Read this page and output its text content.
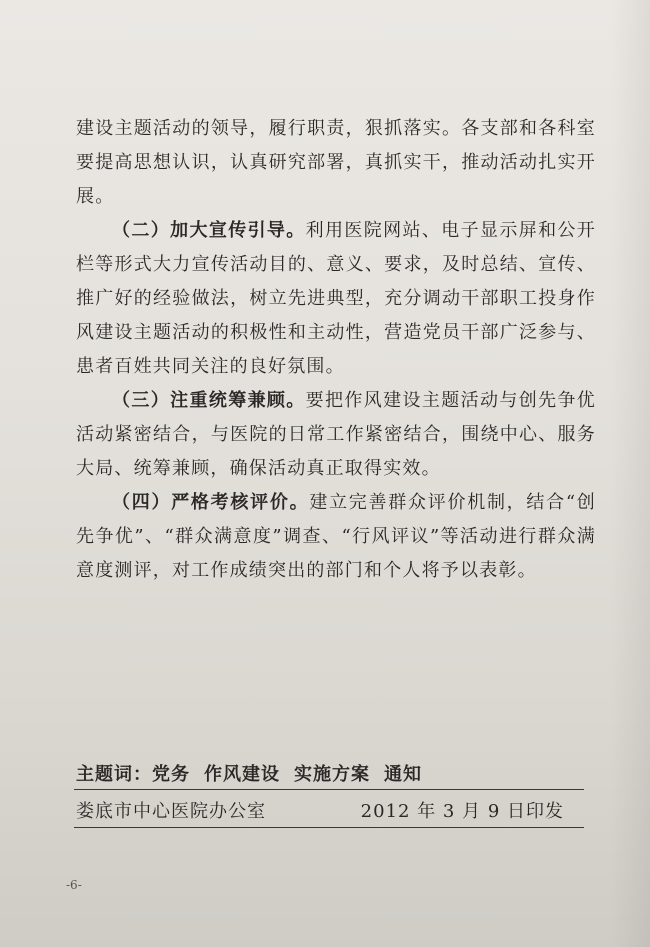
建设主题活动的领导，履行职责，狠抓落实。各支部和各科室要提高思想认识，认真研究部署，真抓实干，推动活动扎实开展。

（二）加大宣传引导。利用医院网站、电子显示屏和公开栏等形式大力宣传活动目的、意义、要求，及时总结、宣传、推广好的经验做法，树立先进典型，充分调动干部职工投身作风建设主题活动的积极性和主动性，营造党员干部广泛参与、患者百姓共同关注的良好氛围。

（三）注重统筹兼顾。要把作风建设主题活动与创先争优活动紧密结合，与医院的日常工作紧密结合，围绕中心、服务大局、统筹兼顾，确保活动真正取得实效。

（四）严格考核评价。建立完善群众评价机制，结合“创先争优”、“群众满意度”调查、“行风评议”等活动进行群众满意度测评，对工作成绩突出的部门和个人将予以表彰。

主题词：党务 作风建设 实施方案 通知
娄底市中心医院办公室	2012 年 3 月 9 日印发
-6-
